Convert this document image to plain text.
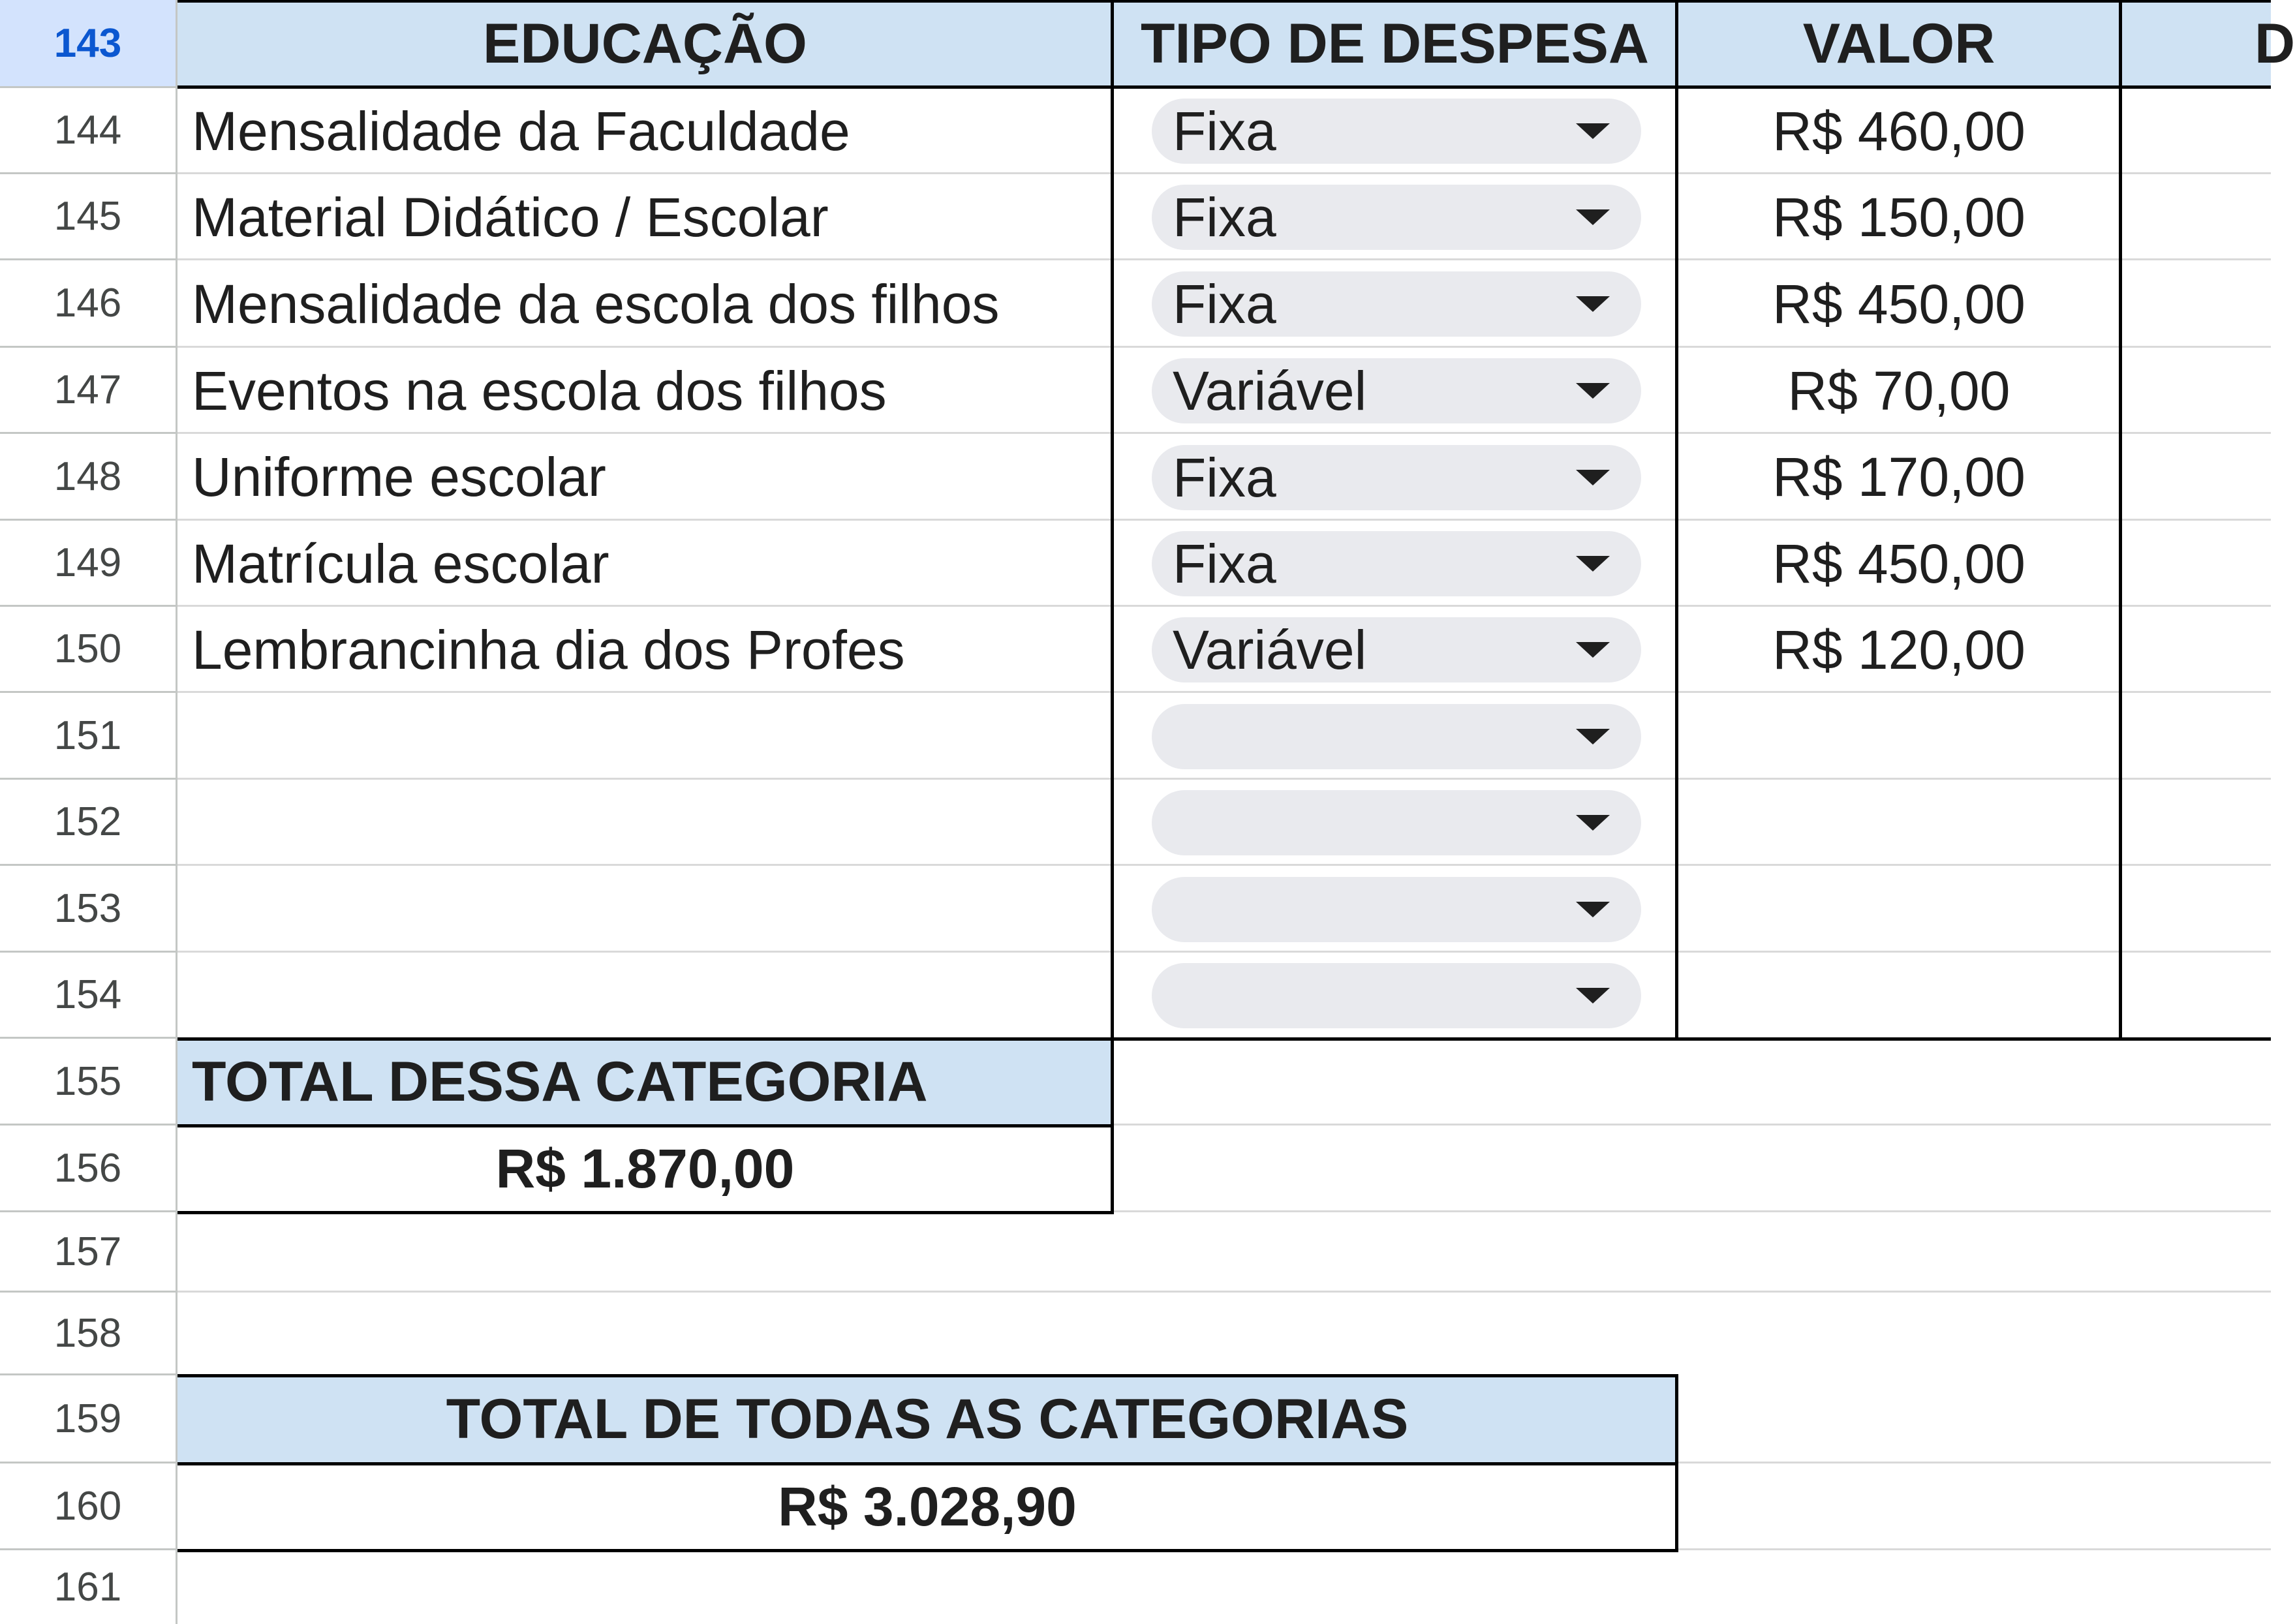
143	EDUCAÇÃO	TIPO DE DESPESA	VALOR	D
144	Mensalidade da Faculdade	Fixa	R$ 460,00
145	Material Didático / Escolar	Fixa	R$ 150,00
146	Mensalidade da escola dos filhos	Fixa	R$ 450,00
147	Eventos na escola dos filhos	Variável	R$ 70,00
148	Uniforme escolar	Fixa	R$ 170,00
149	Matrícula escolar	Fixa	R$ 450,00
150	Lembrancinha dia dos Profes	Variável	R$ 120,00
151
152
153
154
155	TOTAL DESSA CATEGORIA
156	R$ 1.870,00
157
158
159	TOTAL DE TODAS AS CATEGORIAS
160	R$ 3.028,90
161
